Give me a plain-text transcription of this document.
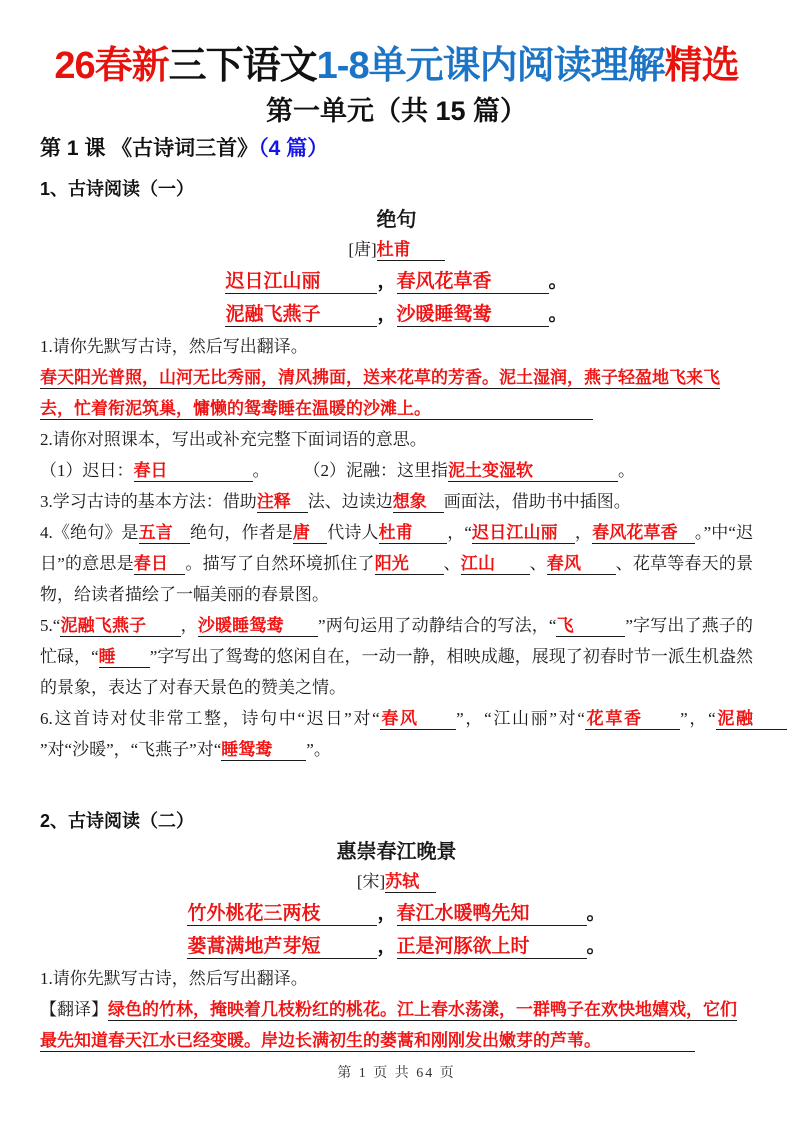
26春新三下语文1-8单元课内阅读理解精选
第一单元（共 15 篇）
第 1 课 《古诗词三首》（4 篇）
1、古诗阅读（一）
绝句
[唐]杜甫　　
迟日江山丽　　　，春风花草香　　　。
泥融飞燕子　　　，沙暖睡鸳鸯　　　。

1.请你先默写古诗，然后写出翻译。

春天阳光普照，山河无比秀丽，清风拂面，送来花草的芳香。泥土湿润，燕子轻盈地飞来飞去，忙着衔泥筑巢，慵懒的鸳鸯睡在温暖的沙滩上。　　　　　　　　　　

2.请你对照课本，写出或补充完整下面词语的意思。

（1）迟日：春日　　　　　。　　　（2）泥融：这里指泥土变湿软　　　　　。

3.学习古诗的基本方法：借助注释　法、边读边想象　画面法，借助书中插图。

4.《绝句》是五言　绝句，作者是唐　代诗人杜甫　　，“迟日江山丽　，春风花草香　。”中“迟日”的意思是春日　。描写了自然环境抓住了阳光　　、江山　　、春风　　、花草等春天的景物，给读者描绘了一幅美丽的春景图。

5.“泥融飞燕子　　，沙暖睡鸳鸯　　”两句运用了动静结合的写法，“飞　　　”字写出了燕子的忙碌，“睡　　”字写出了鸳鸯的悠闲自在，一动一静，相映成趣，展现了初春时节一派生机盎然的景象，表达了对春天景色的赞美之情。

6.这首诗对仗非常工整，诗句中“迟日”对“春风　　”，“江山丽”对“花草香　　”，“泥融　　”对“沙暖”，“飞燕子”对“睡鸳鸯　　”。

2、古诗阅读（二）
惠崇春江晚景
[宋]苏轼　
竹外桃花三两枝　　　，春江水暖鸭先知　　　。
蒌蒿满地芦芽短　　　，正是河豚欲上时　　　。

1.请你先默写古诗，然后写出翻译。

【翻译】绿色的竹林，掩映着几枝粉红的桃花。江上春水荡漾，一群鸭子在欢快地嬉戏，它们最先知道春天江水已经变暖。岸边长满初生的蒌蒿和刚刚发出嫩芽的芦苇。　　　　　　

第 1 页 共 64 页
